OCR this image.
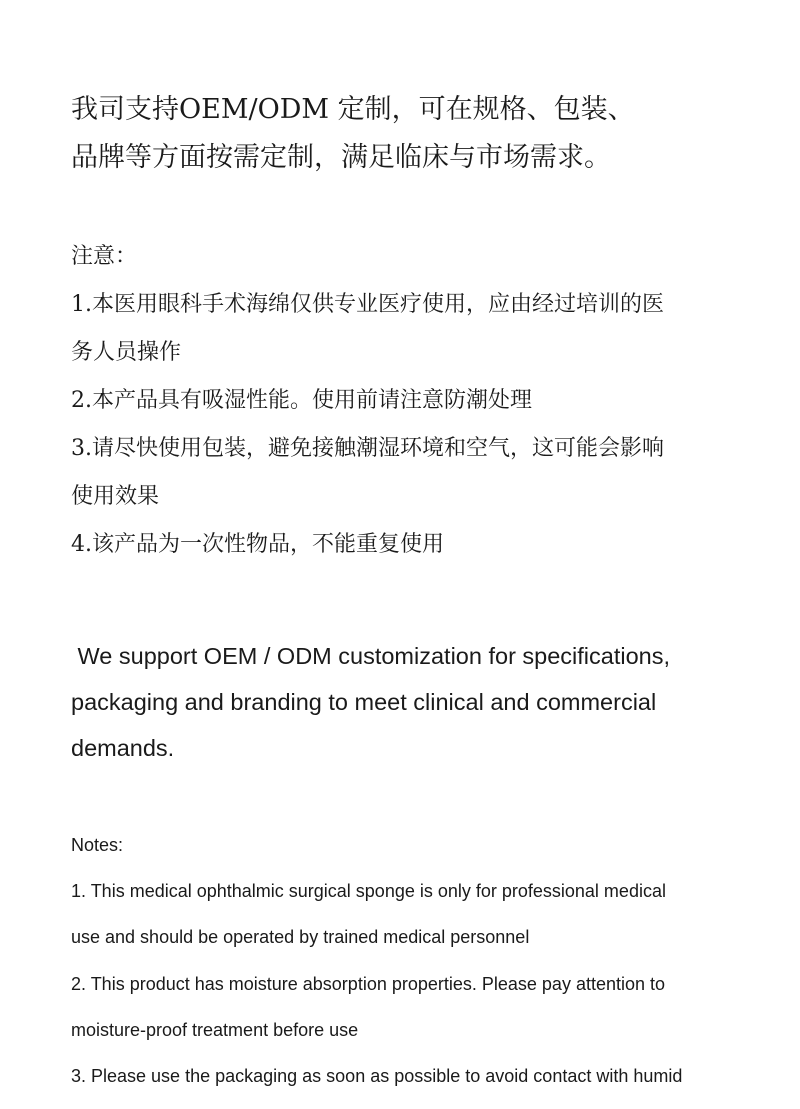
我司支持OEM/ODM 定制，可在规格、包装、

品牌等方面按需定制，满足临床与市场需求。

注意：

1.本医用眼科手术海绵仅供专业医疗使用，应由经过培训的医

务人员操作

2.本产品具有吸湿性能。使用前请注意防潮处理

3.请尽快使用包装，避免接触潮湿环境和空气，这可能会影响

使用效果

4.该产品为一次性物品，不能重复使用

We support OEM / ODM customization for specifications,

packaging and branding to meet clinical and commercial

demands.

Notes:

1. This medical ophthalmic surgical sponge is only for professional medical

use and should be operated by trained medical personnel

2. This product has moisture absorption properties. Please pay attention to

moisture-proof treatment before use

3. Please use the packaging as soon as possible to avoid contact with humid
